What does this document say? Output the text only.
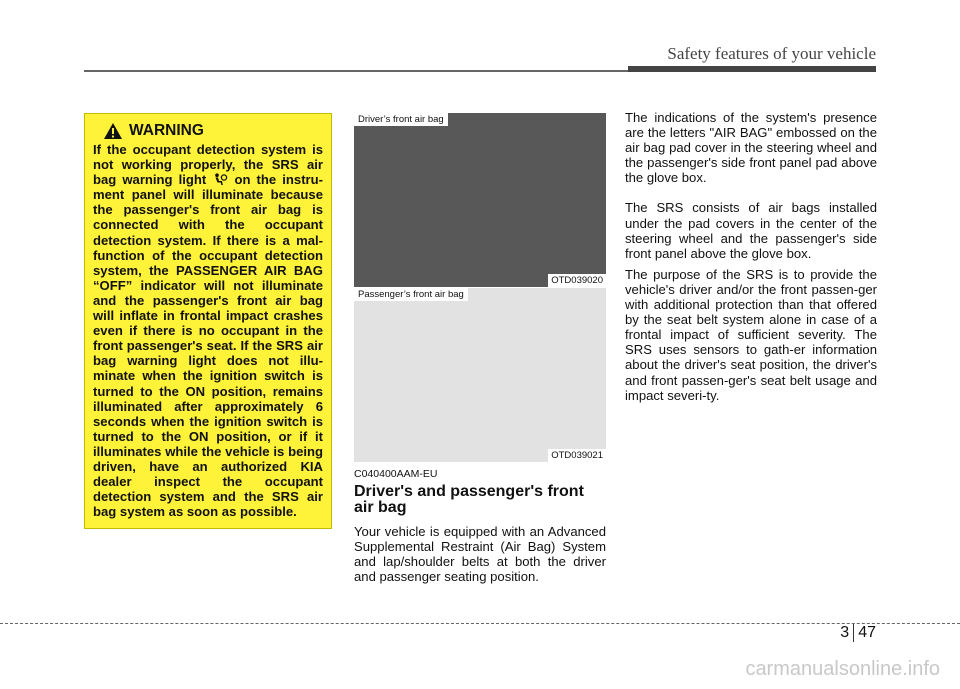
Safety features of your vehicle
WARNING
If the occupant detection system is not working properly, the SRS air bag warning light on the instru-ment panel will illuminate because the passenger's front air bag is connected with the occupant detection system. If there is a mal-function of the occupant detection system, the PASSENGER AIR BAG “OFF” indicator will not illuminate and the passenger's front air bag will inflate in frontal impact crashes even if there is no occupant in the front passenger's seat. If the SRS air bag warning light does not illu-minate when the ignition switch is turned to the ON position, remains illuminated after approximately 6 seconds when the ignition switch is turned to the ON position, or if it illuminates while the vehicle is being driven, have an authorized KIA dealer inspect the occupant detection system and the SRS air bag system as soon as possible.
Driver’s front air bag
OTD039020
Passenger’s front air bag
OTD039021
C040400AAM-EU
Driver's and passenger's front air bag

Your vehicle is equipped with an Advanced Supplemental Restraint (Air Bag) System and lap/shoulder belts at both the driver and passenger seating position.

The indications of the system's presence are the letters "AIR BAG" embossed on the air bag pad cover in the steering wheel and the passenger's side front panel pad above the glove box.

The SRS consists of air bags installed under the pad covers in the center of the steering wheel and the passenger's side front panel above the glove box.

The purpose of the SRS is to provide the vehicle's driver and/or the front passen-ger with additional protection than that offered by the seat belt system alone in case of a frontal impact of sufficient severity. The SRS uses sensors to gath-er information about the driver's seat position, the driver's and front passen-ger's seat belt usage and impact severi-ty.

3 47
carmanualsonline.info
